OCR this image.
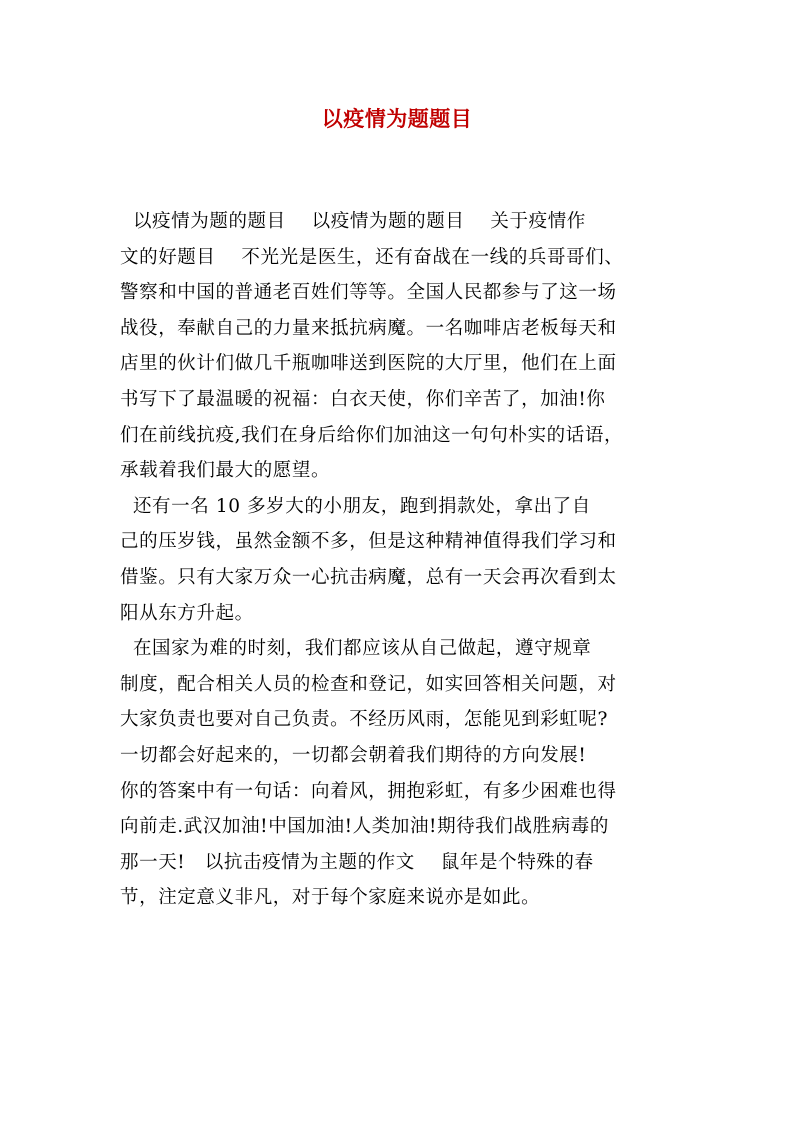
以疫情为题题目
以疫情为题的题目    以疫情为题的题目    关于疫情作
文的好题目    不光光是医生，还有奋战在一线的兵哥哥们、
警察和中国的普通老百姓们等等。全国人民都参与了这一场
战役，奉献自己的力量来抵抗病魔。一名咖啡店老板每天和
店里的伙计们做几千瓶咖啡送到医院的大厅里，他们在上面
书写下了最温暖的祝福：白衣天使，你们辛苦了，加油!你
们在前线抗疫,我们在身后给你们加油这一句句朴实的话语，
承载着我们最大的愿望。
还有一名 10 多岁大的小朋友，跑到捐款处，拿出了自
己的压岁钱，虽然金额不多，但是这种精神值得我们学习和
借鉴。只有大家万众一心抗击病魔，总有一天会再次看到太
阳从东方升起。
在国家为难的时刻，我们都应该从自己做起，遵守规章
制度，配合相关人员的检查和登记，如实回答相关问题，对
大家负责也要对自己负责。不经历风雨，怎能见到彩虹呢?
一切都会好起来的，一切都会朝着我们期待的方向发展!
你的答案中有一句话：向着风，拥抱彩虹，有多少困难也得
向前走.武汉加油!中国加油!人类加油!期待我们战胜病毒的
那一天!   以抗击疫情为主题的作文    鼠年是个特殊的春
节，注定意义非凡，对于每个家庭来说亦是如此。
